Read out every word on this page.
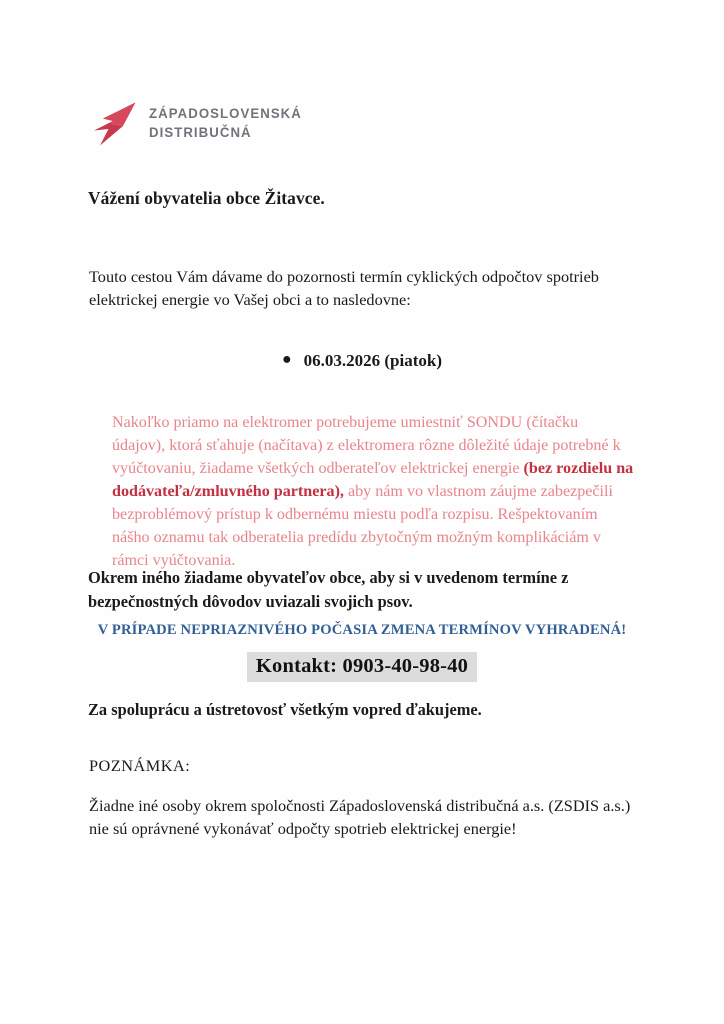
ZÁPADOSLOVENSKÁ
DISTRIBUČNÁ
Vážení obyvatelia obce Žitavce.
Touto cestou Vám dávame do pozornosti termín cyklických odpočtov spotrieb elektrickej energie vo Vašej obci a to nasledovne:
● 06.03.2026 (piatok)
Nakoľko priamo na elektromer potrebujeme umiestniť SONDU (čítačku údajov), ktorá sťahuje (načítava) z elektromera rôzne dôležité údaje potrebné k vyúčtovaniu, žiadame všetkých odberateľov elektrickej energie (bez rozdielu na dodávateľa/zmluvného partnera), aby nám vo vlastnom záujme zabezpečili bezproblémový prístup k odbernému miestu podľa rozpisu. Rešpektovaním nášho oznamu tak odberatelia predídu zbytočným možným komplikáciám v rámci vyúčtovania.
Okrem iného žiadame obyvateľov obce, aby si v uvedenom termíne z bezpečnostných dôvodov uviazali svojich psov.
V PRÍPADE NEPRIAZNIVÉHO POČASIA ZMENA TERMÍNOV VYHRADENÁ!
Kontakt: 0903-40-98-40
Za spoluprácu a ústretovosť všetkým vopred ďakujeme.
POZNÁMKA:
Žiadne iné osoby okrem spoločnosti Západoslovenská distribučná a.s. (ZSDIS a.s.) nie sú oprávnené vykonávať odpočty spotrieb elektrickej energie!
